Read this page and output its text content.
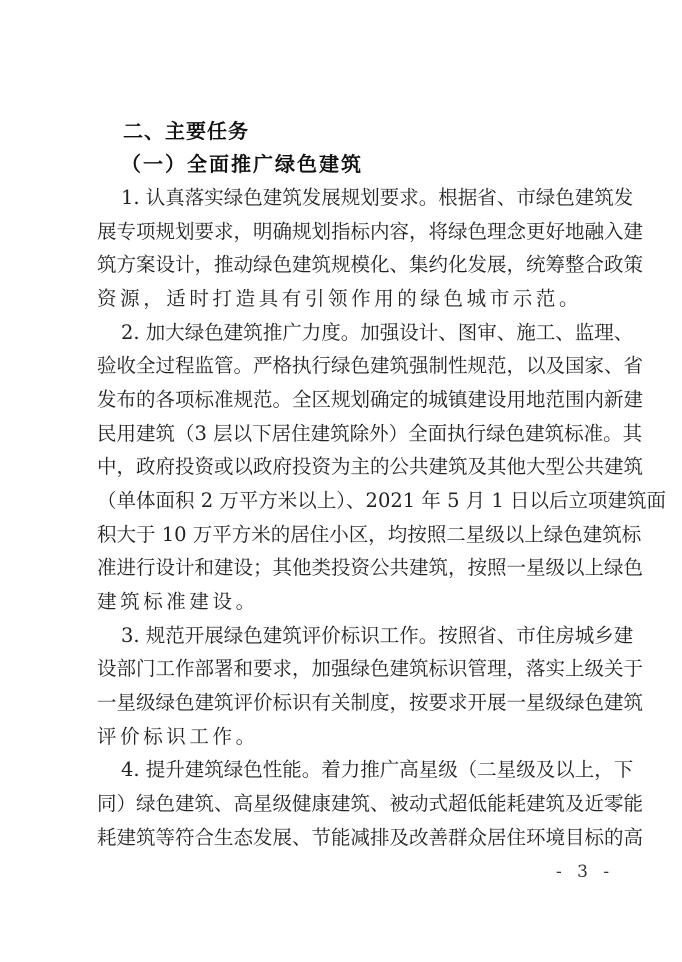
二、主要任务
（一）全面推广绿色建筑
1. 认真落实绿色建筑发展规划要求。根据省、市绿色建筑发
展专项规划要求，明确规划指标内容，将绿色理念更好地融入建
筑方案设计，推动绿色建筑规模化、集约化发展，统筹整合政策
资源，适时打造具有引领作用的绿色城市示范。
2. 加大绿色建筑推广力度。加强设计、图审、施工、监理、
验收全过程监管。严格执行绿色建筑强制性规范，以及国家、省
发布的各项标准规范。全区规划确定的城镇建设用地范围内新建
民用建筑（3 层以下居住建筑除外）全面执行绿色建筑标准。其
中，政府投资或以政府投资为主的公共建筑及其他大型公共建筑
（单体面积 2 万平方米以上）、2021 年 5 月 1 日以后立项建筑面
积大于 10 万平方米的居住小区，均按照二星级以上绿色建筑标
准进行设计和建设；其他类投资公共建筑，按照一星级以上绿色
建筑标准建设。
3. 规范开展绿色建筑评价标识工作。按照省、市住房城乡建
设部门工作部署和要求，加强绿色建筑标识管理，落实上级关于
一星级绿色建筑评价标识有关制度，按要求开展一星级绿色建筑
评价标识工作。
4. 提升建筑绿色性能。着力推广高星级（二星级及以上，下
同）绿色建筑、高星级健康建筑、被动式超低能耗建筑及近零能
耗建筑等符合生态发展、节能减排及改善群众居住环境目标的高
- 3 -
